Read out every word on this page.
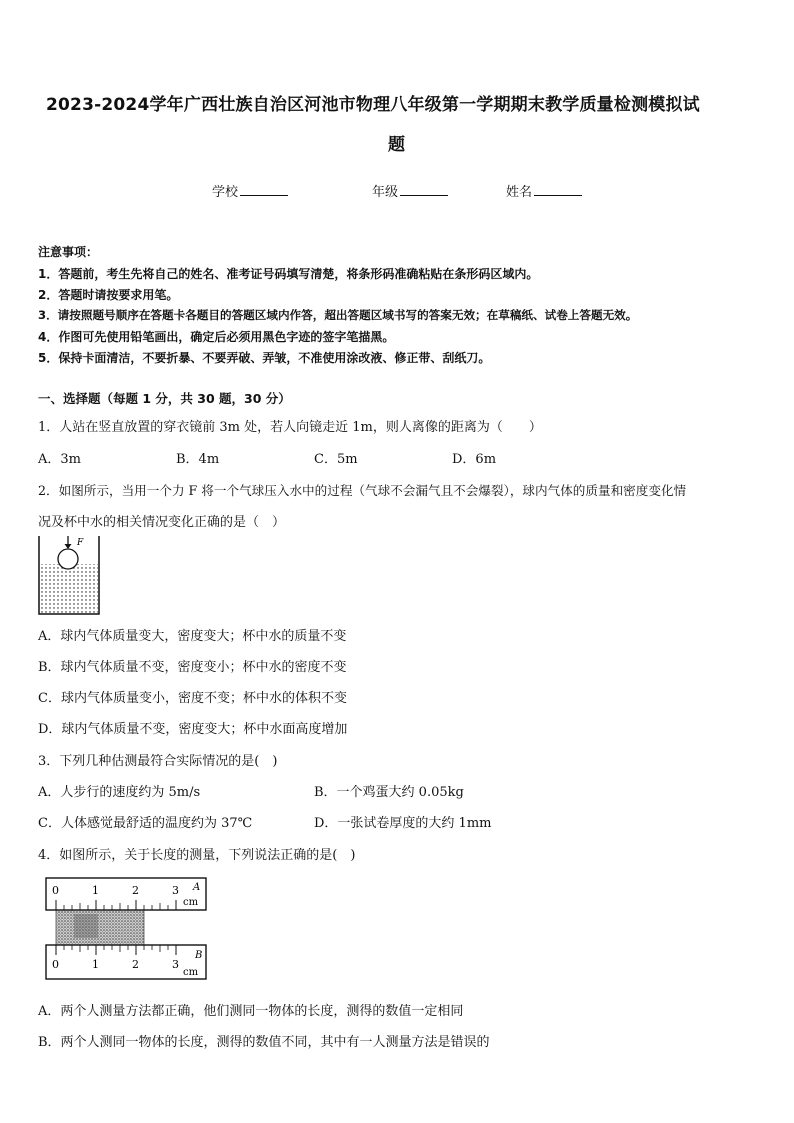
2023-2024学年广西壮族自治区河池市物理八年级第一学期期末教学质量检测模拟试
题
学校	年级	姓名
注意事项：
1．答题前，考生先将自己的姓名、准考证号码填写清楚，将条形码准确粘贴在条形码区域内。
2．答题时请按要求用笔。
3．请按照题号顺序在答题卡各题目的答题区域内作答，超出答题区域书写的答案无效；在草稿纸、试卷上答题无效。
4．作图可先使用铅笔画出，确定后必须用黑色字迹的签字笔描黑。
5．保持卡面清洁，不要折暴、不要弄破、弄皱，不准使用涂改液、修正带、刮纸刀。
一、选择题（每题 1 分，共 30 题，30 分）
1．人站在竖直放置的穿衣镜前 3m 处，若人向镜走近 1m，则人离像的距离为（　　）
A．3m	B．4m	C．5m	D．6m
2．如图所示，当用一个力 F 将一个气球压入水中的过程（气球不会漏气且不会爆裂），球内气体的质量和密度变化情
况及杯中水的相关情况变化正确的是（　）
F
A．球内气体质量变大，密度变大；杯中水的质量不变
B．球内气体质量不变，密度变小；杯中水的密度不变
C．球内气体质量变小，密度不变；杯中水的体积不变
D．球内气体质量不变，密度变大；杯中水面高度增加
3．下列几种估测最符合实际情况的是(　)
A．人步行的速度约为 5m/s	B．一个鸡蛋大约 0.05kg
C．人体感觉最舒适的温度约为 37℃	D．一张试卷厚度的大约 1mm
4．如图所示，关于长度的测量，下列说法正确的是(　)
0	1	2	3 A
cm
0	1	2	3
B
cm
A．两个人测量方法都正确，他们测同一物体的长度，测得的数值一定相同
B．两个人测同一物体的长度，测得的数值不同，其中有一人测量方法是错误的
